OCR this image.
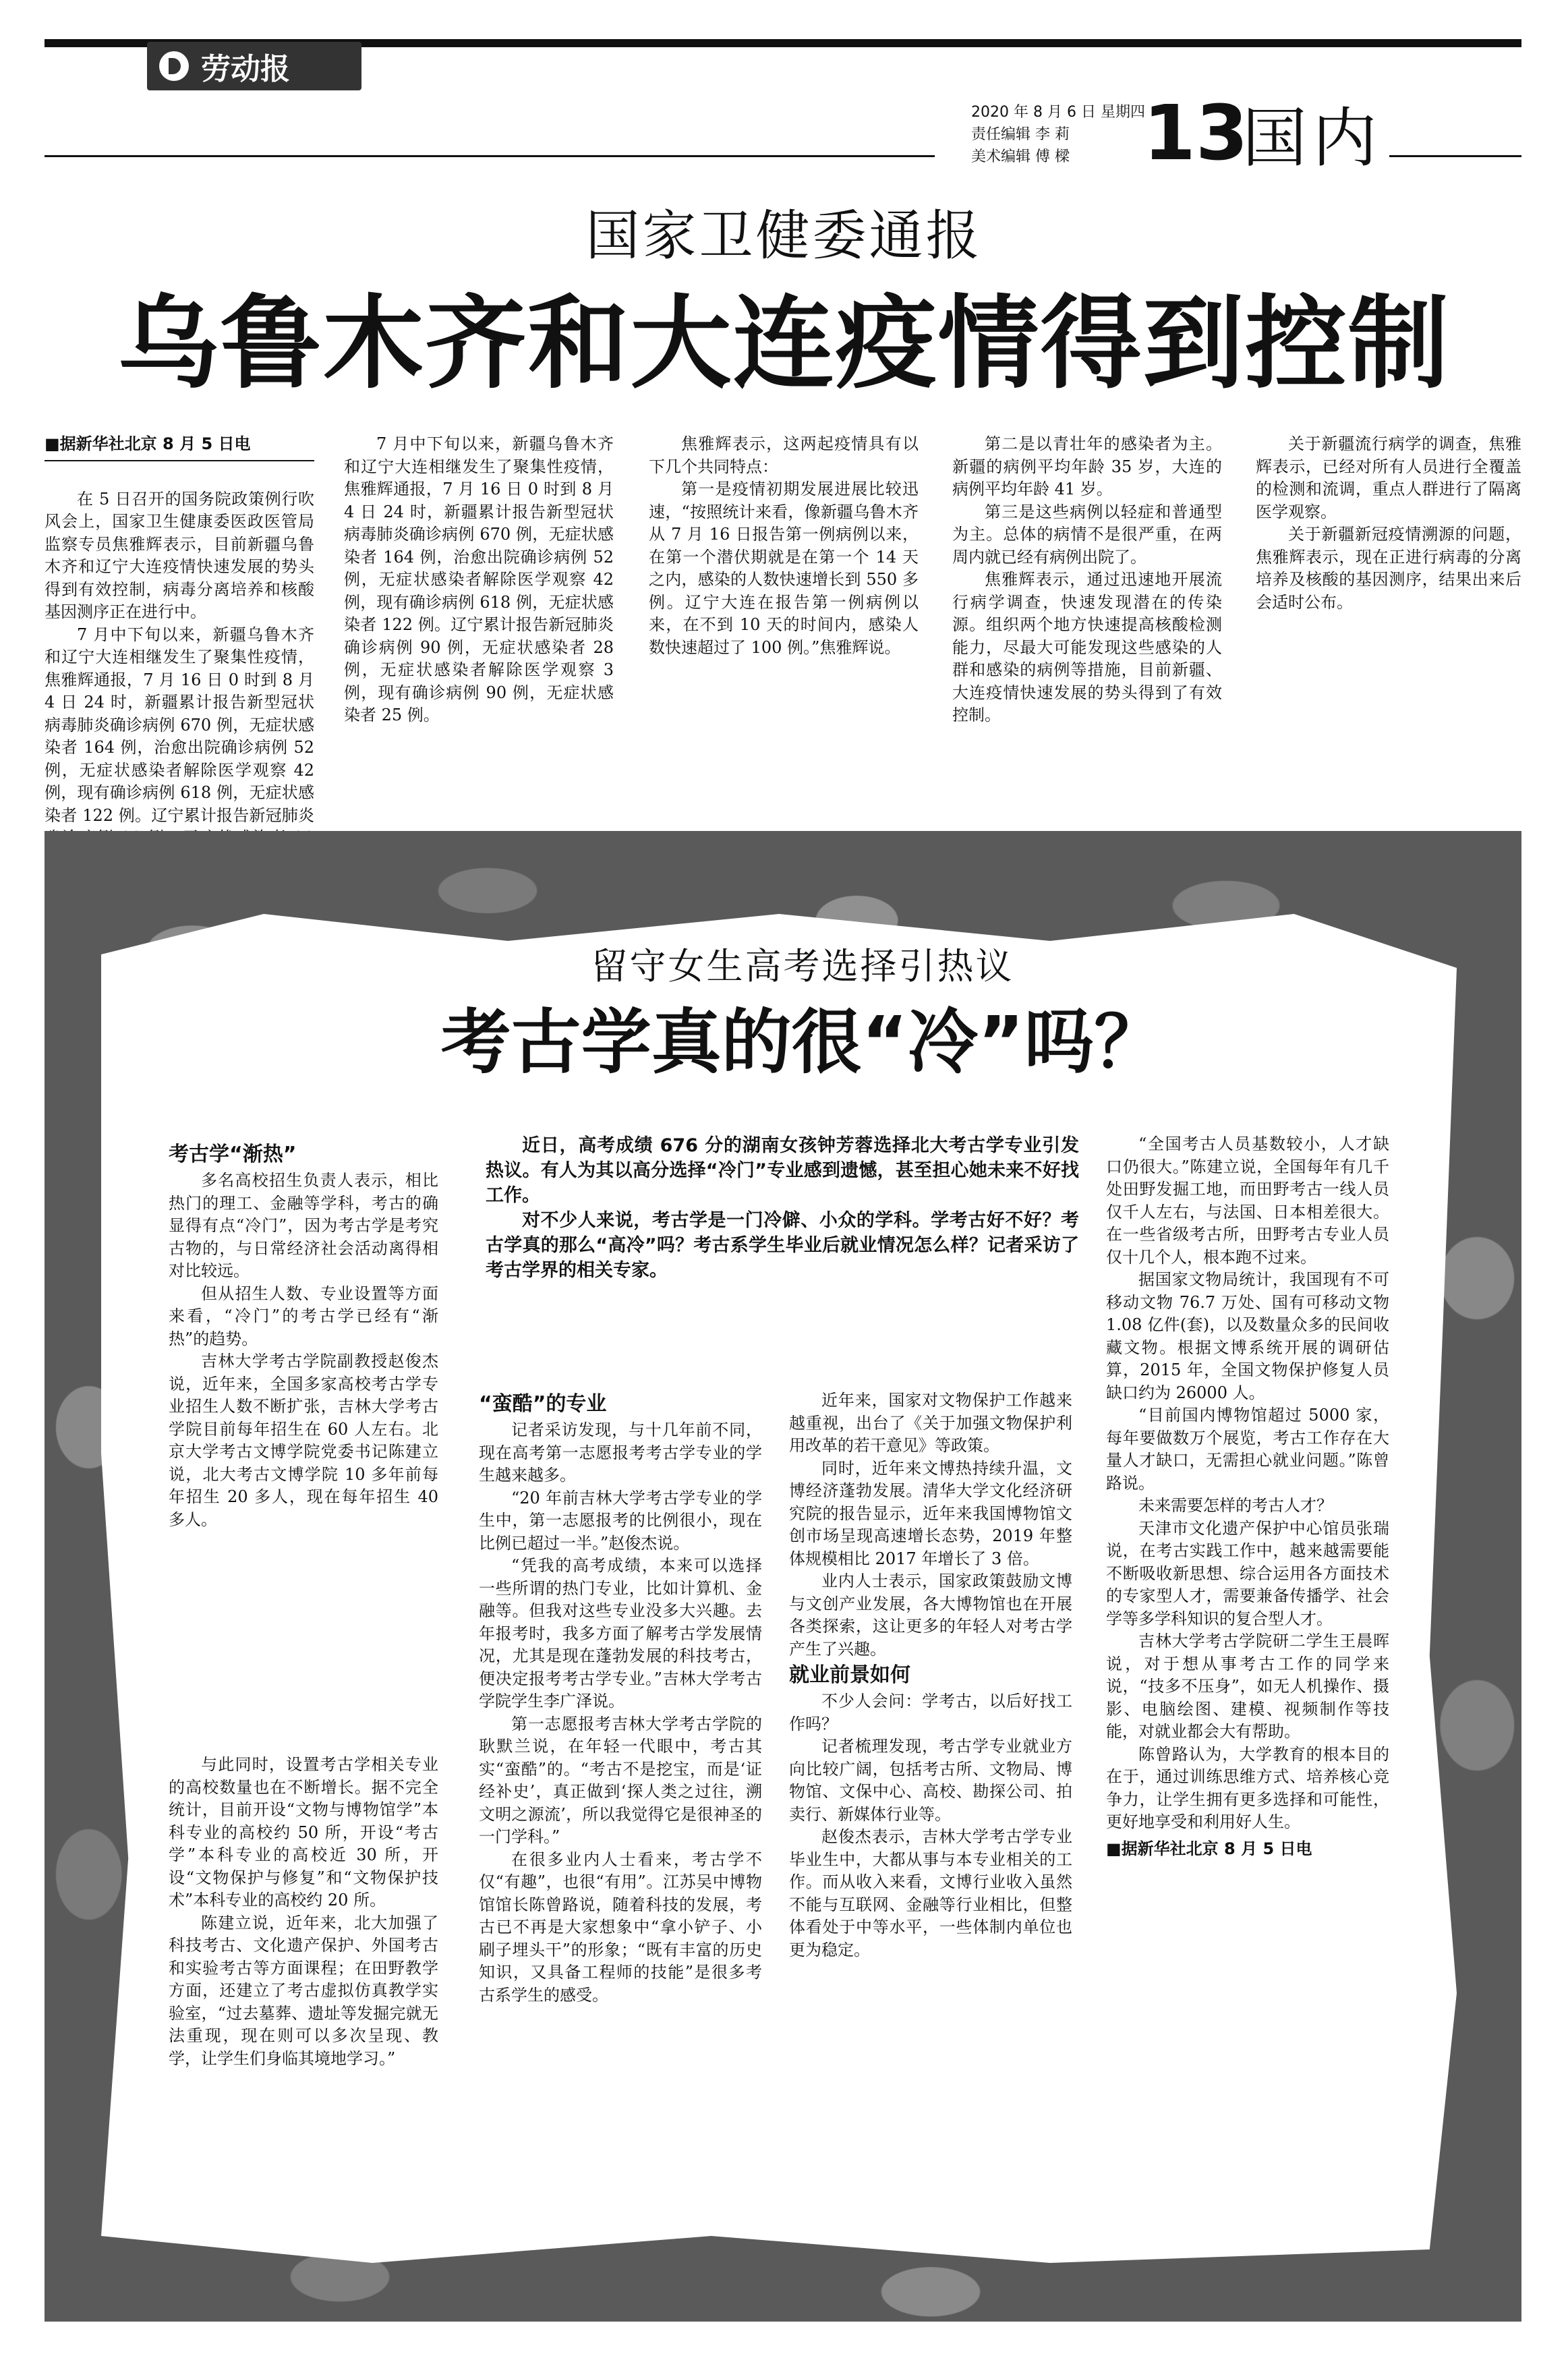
劳动报
2020 年 8 月 6 日 星期四
责任编辑 李 莉
美术编辑 傅 樑 13
国内
国家卫健委通报
乌鲁木齐和大连疫情得到控制
■据新华社北京 8 月 5 日电

在 5 日召开的国务院政策例行吹风会上，国家卫生健康委医政医管局监察专员焦雅辉表示，目前新疆乌鲁木齐和辽宁大连疫情快速发展的势头得到有效控制，病毒分离培养和核酸基因测序正在进行中。

7 月中下旬以来，新疆乌鲁木齐和辽宁大连相继发生了聚集性疫情，焦雅辉通报，7 月 16 日 0 时到 8 月 4 日 24 时，新疆累计报告新型冠状病毒肺炎确诊病例 670 例，无症状感染者 164 例，治愈出院确诊病例 52 例，无症状感染者解除医学观察 42 例，现有确诊病例 618 例，无症状感染者 122 例。辽宁累计报告新冠肺炎

7 月中下旬以来，新疆乌鲁木齐和辽宁大连相继发生了聚集性疫情，焦雅辉通报，7 月 16 日 0 时到 8 月 4 日 24 时，新疆累计报告新型冠状病毒肺炎确诊病例 670 例，无症状感染者 164 例，治愈出院确诊病例 52 例，无症状感染者解除医学观察 42 例，现有确诊病例 618 例，无症状感染者 122 例。辽宁累计报告新冠肺炎确诊病例 90 例，无症状感染者 28 例，无症状感染者解除医学观察 3 例，现有确诊病例 90 例，无症状感染者 25 例。

焦雅辉表示，这两起疫情具有以下几个共同特点：

第一是疫情初期发展进展比较迅速，“按照统计来看，像新疆乌鲁木齐从 7 月 16 日报告第一例病例以来，在第一个潜伏期就是在第一个 14 天之内，感染的人数快速增长到 550 多例。辽宁大连在报告第一例病例以来，在不到 10 天的时间内，感染人数快速超过了 100 例。”焦雅辉说。

第二是以青壮年的感染者为主。新疆的病例平均年龄 35 岁，大连的病例平均年龄 41 岁。

第三是这些病例以轻症和普通型为主。总体的病情不是很严重，在两周内就已经有病例出院了。

焦雅辉表示，通过迅速地开展流行病学调查，快速发现潜在的传染源。组织两个地方快速提高核酸检测能力，尽最大可能发现这些感染的人群和感染的病例等措施，目前新疆、大连疫情快速发展的势头得到了有效控制。

关于新疆流行病学的调查，焦雅辉表示，已经对所有人员进行全覆盖的检测和流调，重点人群进行了隔离医学观察。

关于新疆新冠疫情溯源的问题，焦雅辉表示，现在正进行病毒的分离培养及核酸的基因测序，结果出来后会适时公布。

留守女生高考选择引热议
考古学真的很“冷”吗？

近日，高考成绩 676 分的湖南女孩钟芳蓉选择北大考古学专业引发热议。有人为其以高分选择“冷门”专业感到遗憾，甚至担心她未来不好找工作。

对不少人来说，考古学是一门冷僻、小众的学科。学考古好不好？考古学真的那么“高冷”吗？考古系学生毕业后就业情况怎么样？记者采访了考古学界的相关专家。

考古学“渐热”

多名高校招生负责人表示，相比热门的理工、金融等学科，考古的确显得有点“冷门”，因为考古学是考究古物的，与日常经济社会活动离得相对比较远。

但从招生人数、专业设置等方面来看，“冷门”的考古学已经有“渐热”的趋势。

吉林大学考古学院副教授赵俊杰说，近年来，全国多家高校考古学专业招生人数不断扩张，吉林大学考古学院目前每年招生在 60 人左右。北京大学考古文博学院党委书记陈建立说，北大考古文博学院 10 多年前每年招生 20 多人，现在每年招生 40 多人。

与此同时，设置考古学相关专业的高校数量也在不断增长。据不完全统计，目前开设“文物与博物馆学”本科专业的高校约 50 所，开设“考古学”本科专业的高校近 30 所，开设“文物保护与修复”和“文物保护技术”本科专业的高校约 20 所。

陈建立说，近年来，北大加强了科技考古、文化遗产保护、外国考古和实验考古等方面课程；在田野教学方面，还建立了考古虚拟仿真教学实验室，“过去墓葬、遗址等发掘完就无法重现，现在则可以多次呈现、教学，让学生们身临其境地学习。”

“蛮酷”的专业

记者采访发现，与十几年前不同，现在高考第一志愿报考考古学专业的学生越来越多。

“20 年前吉林大学考古学专业的学生中，第一志愿报考的比例很小，现在比例已超过一半。”赵俊杰说。

“凭我的高考成绩，本来可以选择一些所谓的热门专业，比如计算机、金融等。但我对这些专业没多大兴趣。去年报考时，我多方面了解考古学发展情况，尤其是现在蓬勃发展的科技考古，便决定报考考古学专业。”吉林大学考古学院学生李广泽说。

第一志愿报考吉林大学考古学院的耿默兰说，在年轻一代眼中，考古其实“蛮酷”的。“考古不是挖宝，而是‘证经补史’，真正做到‘探人类之过往，溯文明之源流’，所以我觉得它是很神圣的一门学科。”

在很多业内人士看来，考古学不仅“有趣”，也很“有用”。江苏吴中博物馆馆长陈曾路说，随着科技的发展，考古已不再是大家想象中“拿小铲子、小刷子埋头干”的形象；“既有丰富的历史知识，又具备工程师的技能”是很多考古系学生的感受。

近年来，国家对文物保护工作越来越重视，出台了《关于加强文物保护利用改革的若干意见》等政策。

同时，近年来文博热持续升温，文博经济蓬勃发展。清华大学文化经济研究院的报告显示，近年来我国博物馆文创市场呈现高速增长态势，2019 年整体规模相比 2017 年增长了 3 倍。

业内人士表示，国家政策鼓励文博与文创产业发展，各大博物馆也在开展各类探索，这让更多的年轻人对考古学产生了兴趣。

就业前景如何

不少人会问：学考古，以后好找工作吗？

记者梳理发现，考古学专业就业方向比较广阔，包括考古所、文物局、博物馆、文保中心、高校、勘探公司、拍卖行、新媒体行业等。

赵俊杰表示，吉林大学考古学专业毕业生中，大都从事与本专业相关的工作。而从收入来看，文博行业收入虽然不能与互联网、金融等行业相比，但整体看处于中等水平，一些体制内单位也更为稳定。

“全国考古人员基数较小，人才缺口仍很大。”陈建立说，全国每年有几千处田野发掘工地，而田野考古一线人员仅千人左右，与法国、日本相差很大。在一些省级考古所，田野考古专业人员仅十几个人，根本跑不过来。

据国家文物局统计，我国现有不可移动文物 76.7 万处、国有可移动文物 1.08 亿件(套)，以及数量众多的民间收藏文物。根据文博系统开展的调研估算，2015 年，全国文物保护修复人员缺口约为 26000 人。

“目前国内博物馆超过 5000 家，每年要做数万个展览，考古工作存在大量人才缺口，无需担心就业问题。”陈曾路说。

未来需要怎样的考古人才？

天津市文化遗产保护中心馆员张瑞说，在考古实践工作中，越来越需要能不断吸收新思想、综合运用各方面技术的专家型人才，需要兼备传播学、社会学等多学科知识的复合型人才。

吉林大学考古学院研二学生王晨晖说，对于想从事考古工作的同学来说，“技多不压身”，如无人机操作、摄影、电脑绘图、建模、视频制作等技能，对就业都会大有帮助。

陈曾路认为，大学教育的根本目的在于，通过训练思维方式、培养核心竞争力，让学生拥有更多选择和可能性，更好地享受和利用好人生。

■据新华社北京 8 月 5 日电
